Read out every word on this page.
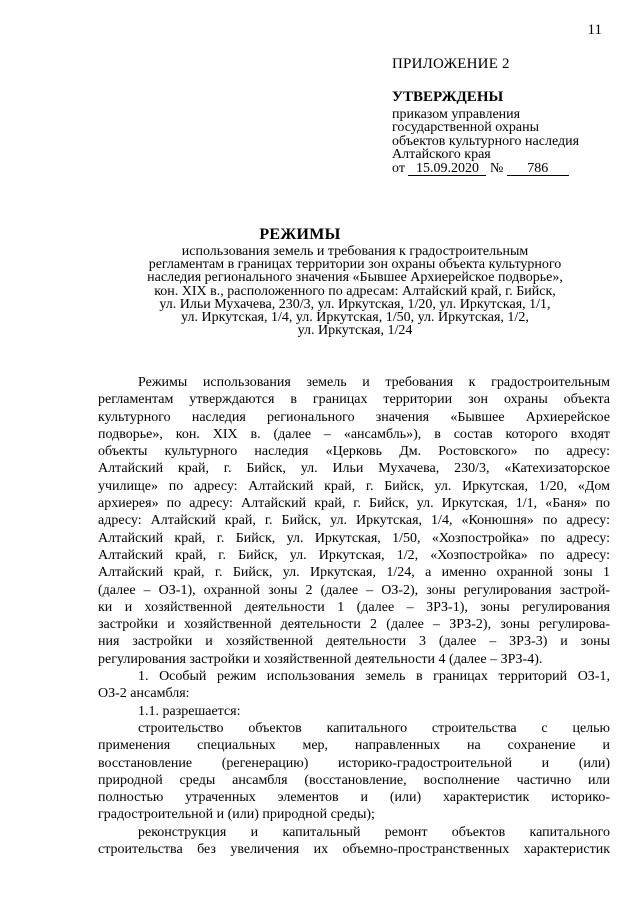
11
ПРИЛОЖЕНИЕ 2
УТВЕРЖДЕНЫ
приказом управления
государственной охраны
объектов культурного наследия
Алтайского края
от 15.09.2020 № 786
РЕЖИМЫ
использования земель и требования к градостроительным
регламентам в границах территории зон охраны объекта культурного
наследия регионального значения «Бывшее Архиерейское подворье»,
кон. XIX в., расположенного по адресам: Алтайский край, г. Бийск,
ул. Ильи Мухачева, 230/3, ул. Иркутская, 1/20, ул. Иркутская, 1/1,
ул. Иркутская, 1/4, ул. Иркутская, 1/50, ул. Иркутская, 1/2,
ул. Иркутская, 1/24
Режимы использования земель и требования к градостроительным
регламентам утверждаются в границах территории зон охраны объекта
культурного наследия регионального значения «Бывшее Архиерейское
подворье», кон. XIX в. (далее – «ансамбль»), в состав которого входят
объекты культурного наследия «Церковь Дм. Ростовского» по адресу:
Алтайский край, г. Бийск, ул. Ильи Мухачева, 230/3, «Катехизаторское
училище» по адресу: Алтайский край, г. Бийск, ул. Иркутская, 1/20, «Дом
архиерея» по адресу: Алтайский край, г. Бийск, ул. Иркутская, 1/1, «Баня» по
адресу: Алтайский край, г. Бийск, ул. Иркутская, 1/4, «Конюшня» по адресу:
Алтайский край, г. Бийск, ул. Иркутская, 1/50, «Хозпостройка» по адресу:
Алтайский край, г. Бийск, ул. Иркутская, 1/2, «Хозпостройка» по адресу:
Алтайский край, г. Бийск, ул. Иркутская, 1/24, а именно охранной зоны 1
(далее – ОЗ-1), охранной зоны 2 (далее – ОЗ-2), зоны регулирования застрой-
ки и хозяйственной деятельности 1 (далее – ЗРЗ-1), зоны регулирования
застройки и хозяйственной деятельности 2 (далее – ЗРЗ-2), зоны регулирова-
ния застройки и хозяйственной деятельности 3 (далее – ЗРЗ-3) и зоны
регулирования застройки и хозяйственной деятельности 4 (далее – ЗРЗ-4).
1. Особый режим использования земель в границах территорий ОЗ-1,
ОЗ-2 ансамбля:
1.1. разрешается:
строительство объектов капитального строительства с целью
применения специальных мер, направленных на сохранение и
восстановление (регенерацию) историко-градостроительной и (или)
природной среды ансамбля (восстановление, восполнение частично или
полностью утраченных элементов и (или) характеристик историко-
градостроительной и (или) природной среды);
реконструкция и капитальный ремонт объектов капитального
строительства без увеличения их объемно-пространственных характеристик
